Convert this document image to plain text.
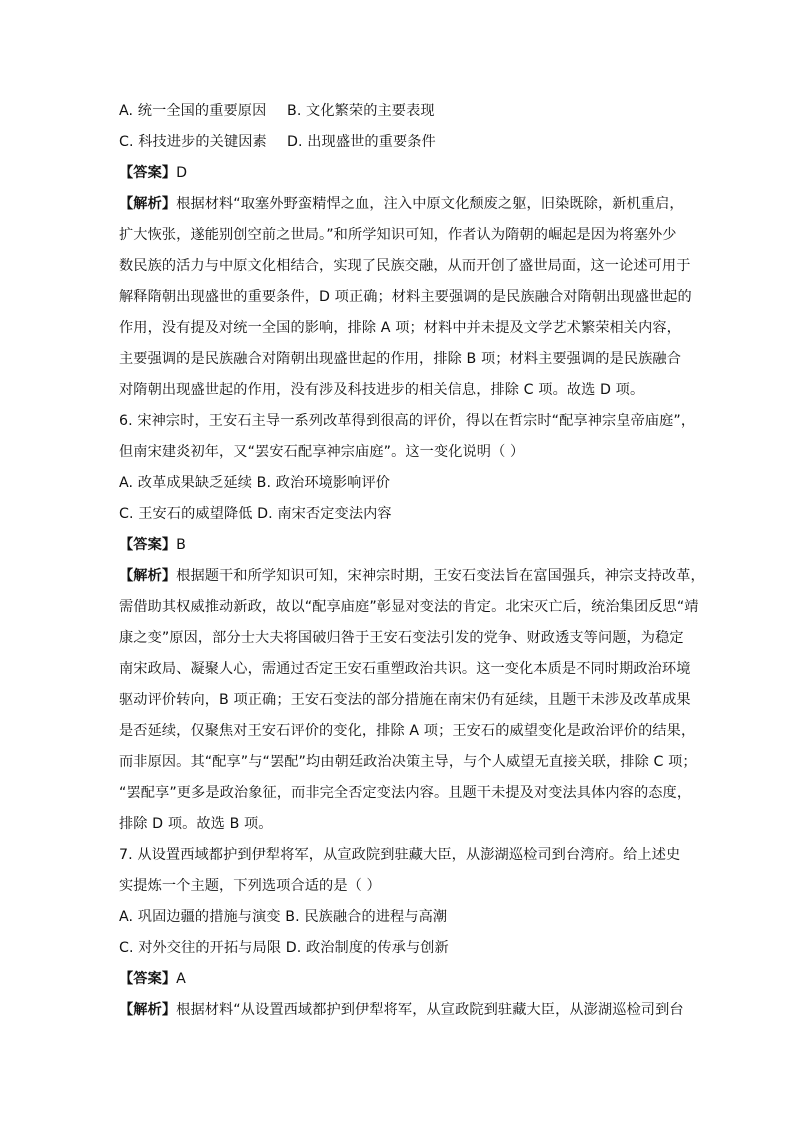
A. 统一全国的重要原因 B. 文化繁荣的主要表现
C. 科技进步的关键因素 D. 出现盛世的重要条件
【答案】D
【解析】根据材料“取塞外野蛮精悍之血，注入中原文化颓废之躯，旧染既除，新机重启，
扩大恢张，遂能别创空前之世局。”和所学知识可知，作者认为隋朝的崛起是因为将塞外少
数民族的活力与中原文化相结合，实现了民族交融，从而开创了盛世局面，这一论述可用于
解释隋朝出现盛世的重要条件，D 项正确；材料主要强调的是民族融合对隋朝出现盛世起的
作用，没有提及对统一全国的影响，排除 A 项；材料中并未提及文学艺术繁荣相关内容，
主要强调的是民族融合对隋朝出现盛世起的作用，排除 B 项；材料主要强调的是民族融合
对隋朝出现盛世起的作用，没有涉及科技进步的相关信息，排除 C 项。故选 D 项。
6. 宋神宗时，王安石主导一系列改革得到很高的评价，得以在哲宗时“配享神宗皇帝庙庭”，
但南宋建炎初年，又“罢安石配享神宗庙庭”。这一变化说明（ ）
A. 改革成果缺乏延续 B. 政治环境影响评价
C. 王安石的威望降低 D. 南宋否定变法内容
【答案】B
【解析】根据题干和所学知识可知，宋神宗时期，王安石变法旨在富国强兵，神宗支持改革，
需借助其权威推动新政，故以“配享庙庭”彰显对变法的肯定。北宋灭亡后，统治集团反思“靖
康之变”原因，部分士大夫将国破归咎于王安石变法引发的党争、财政透支等问题，为稳定
南宋政局、凝聚人心，需通过否定王安石重塑政治共识。这一变化本质是不同时期政治环境
驱动评价转向，B 项正确；王安石变法的部分措施在南宋仍有延续，且题干未涉及改革成果
是否延续，仅聚焦对王安石评价的变化，排除 A 项；王安石的威望变化是政治评价的结果，
而非原因。其“配享”与“罢配”均由朝廷政治决策主导，与个人威望无直接关联，排除 C 项；
“罢配享”更多是政治象征，而非完全否定变法内容。且题干未提及对变法具体内容的态度，
排除 D 项。故选 B 项。
7. 从设置西域都护到伊犁将军，从宣政院到驻藏大臣，从澎湖巡检司到台湾府。给上述史
实提炼一个主题，下列选项合适的是（ ）
A. 巩固边疆的措施与演变 B. 民族融合的进程与高潮
C. 对外交往的开拓与局限 D. 政治制度的传承与创新
【答案】A
【解析】根据材料“从设置西域都护到伊犁将军，从宣政院到驻藏大臣，从澎湖巡检司到台
